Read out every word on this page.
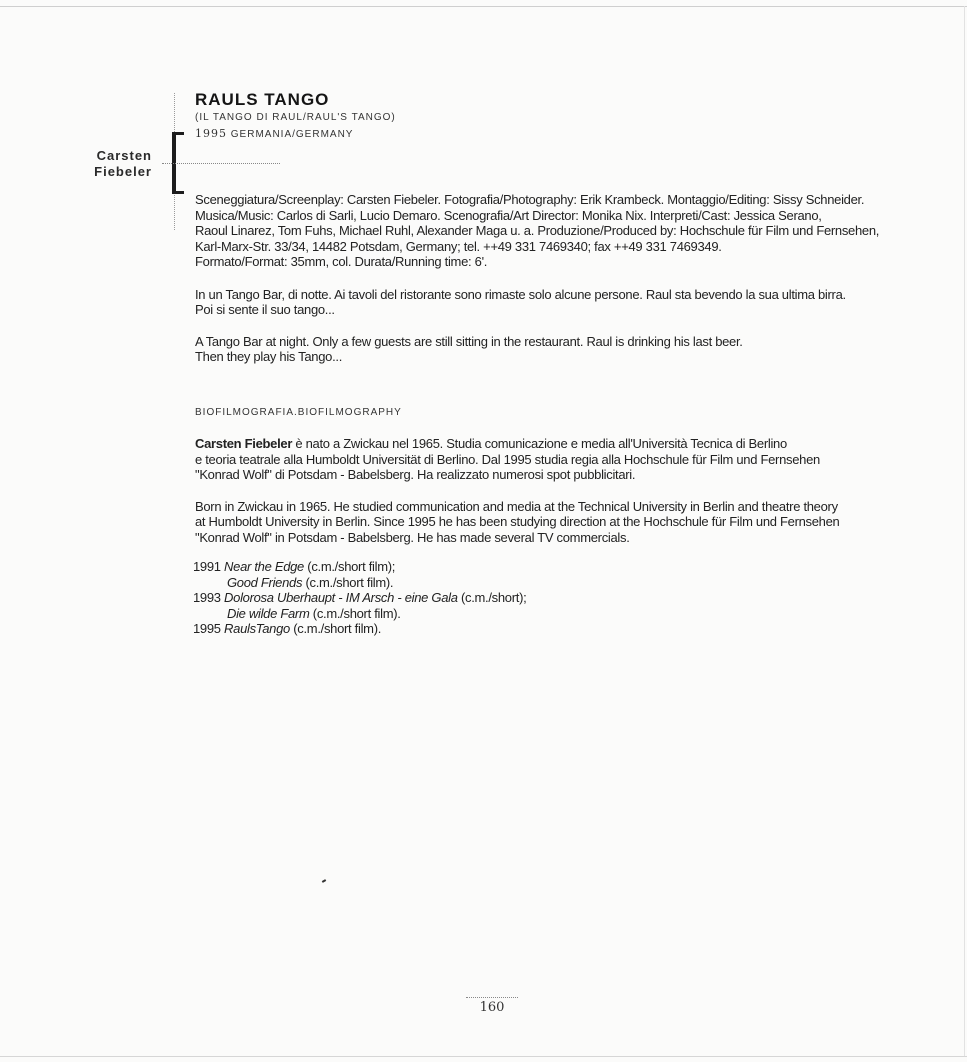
Carsten
Fiebeler
RAULS TANGO
(IL TANGO DI RAUL/RAUL'S TANGO)
1995 GERMANIA/GERMANY

Sceneggiatura/Screenplay: Carsten Fiebeler. Fotografia/Photography: Erik Krambeck. Montaggio/Editing: Sissy Schneider.
Musica/Music: Carlos di Sarli, Lucio Demaro. Scenografia/Art Director: Monika Nix. Interpreti/Cast: Jessica Serano,
Raoul Linarez, Tom Fuhs, Michael Ruhl, Alexander Maga u. a. Produzione/Produced by: Hochschule für Film und Fernsehen,
Karl-Marx-Str. 33/34, 14482 Potsdam, Germany; tel. ++49 331 7469340; fax ++49 331 7469349.
Formato/Format: 35mm, col. Durata/Running time: 6'.

In un Tango Bar, di notte. Ai tavoli del ristorante sono rimaste solo alcune persone. Raul sta bevendo la sua ultima birra.
Poi si sente il suo tango...

A Tango Bar at night. Only a few guests are still sitting in the restaurant. Raul is drinking his last beer.
Then they play his Tango...

BIOFILMOGRAFIA.BIOFILMOGRAPHY

Carsten Fiebeler è nato a Zwickau nel 1965. Studia comunicazione e media all'Università Tecnica di Berlino
e teoria teatrale alla Humboldt Universität di Berlino. Dal 1995 studia regia alla Hochschule für Film und Fernsehen
"Konrad Wolf" di Potsdam - Babelsberg. Ha realizzato numerosi spot pubblicitari.

Born in Zwickau in 1965. He studied communication and media at the Technical University in Berlin and theatre theory
at Humboldt University in Berlin. Since 1995 he has been studying direction at the Hochschule für Film und Fernsehen
"Konrad Wolf" in Potsdam - Babelsberg. He has made several TV commercials.

1991 Near the Edge (c.m./short film);
Good Friends (c.m./short film).
1993 Dolorosa Uberhaupt - IM Arsch - eine Gala (c.m./short);
Die wilde Farm (c.m./short film).
1995 RaulsTango (c.m./short film).

160
